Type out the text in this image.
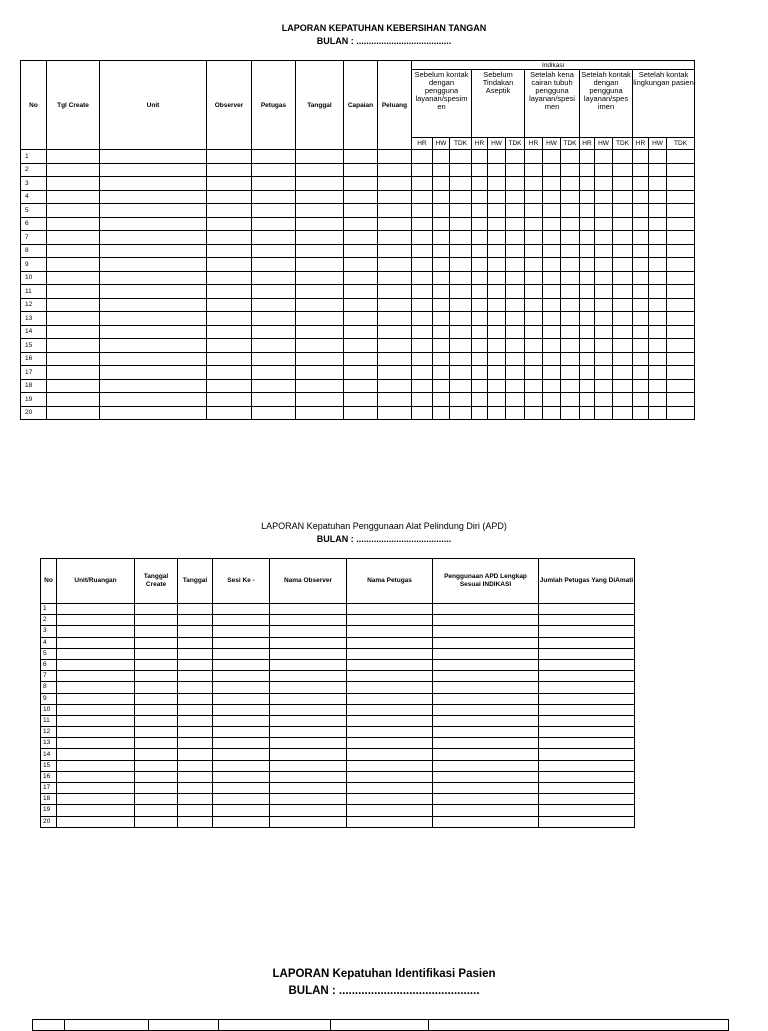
LAPORAN KEPATUHAN KEBERSIHAN TANGAN
BULAN : ......................................
No	Tgl Create	Unit	Observer	Petugas	Tanggal	Capaian	Peluang	Indikasi														
								Sebelum kontak dengan pengguna layanan/spesim en			Sebelum Tindakan Aseptik			Setelah kena cairan tubuh pengguna layanan/spesi men			Setelah kontak dengan pengguna layanan/spes imen			Setelah kontak lingkungan pasien		
								HR	HW	TDK	HR	HW	TDK	HR	HW	TDK	HR	HW	TDK	HR	HW	TDK
1																						
2																						
3																						
4																						
5																						
6																						
7																						
8																						
9																						
10																						
11																						
12																						
13																						
14																						
15																						
16																						
17																						
18																						
19																						
20																						
LAPORAN Kepatuhan Penggunaan Alat Pelindung Diri (APD)
BULAN : ......................................
No	Unit/Ruangan	Tanggal Create	Tanggal	Sesi Ke -	Nama Observer	Nama Petugas	Penggunaan APD Lengkap Sesuai INDIKASI	Jumlah Petugas Yang DiAmati
1								
2								
3								
4								
5								
6								
7								
8								
9								
10								
11								
12								
13								
14								
15								
16								
17								
18								
19								
20								
LAPORAN Kepatuhan Identifikasi Pasien
BULAN : ............................................
